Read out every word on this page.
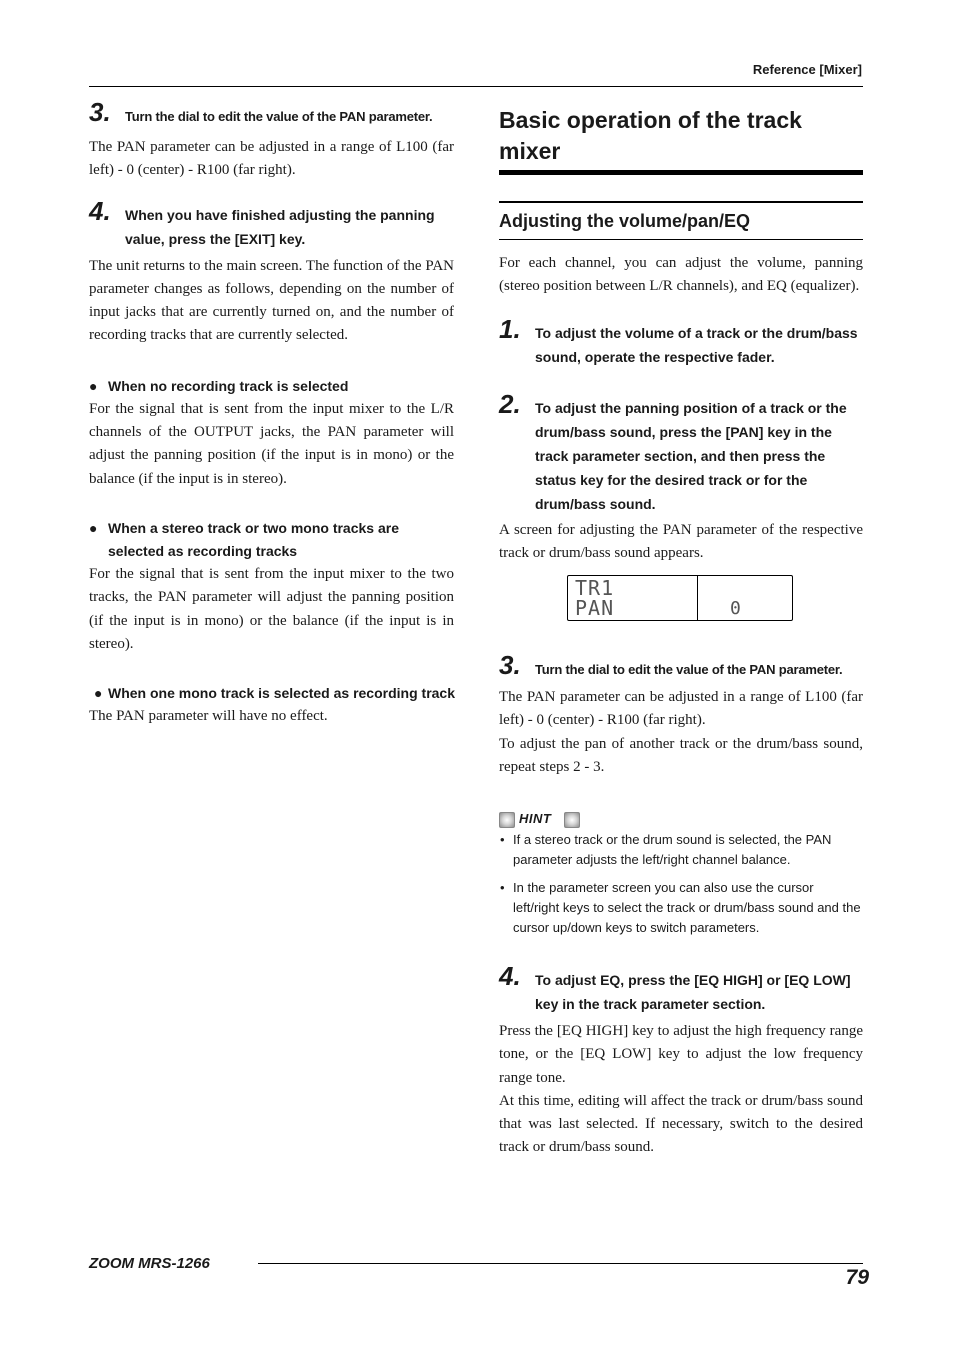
Reference [Mixer]
3. Turn the dial to edit the value of the PAN parameter.

The PAN parameter can be adjusted in a range of L100 (far left) - 0 (center) - R100 (far right).

4. When you have finished adjusting the panning value, press the [EXIT] key.

The unit returns to the main screen. The function of the PAN parameter changes as follows, depending on the number of input jacks that are currently turned on, and the number of recording tracks that are currently selected.

● When no recording track is selected

For the signal that is sent from the input mixer to the L/R channels of the OUTPUT jacks, the PAN parameter will adjust the panning position (if the input is in mono) or the balance (if the input is in stereo).

● When a stereo track or two mono tracks are selected as recording tracks

For the signal that is sent from the input mixer to the two tracks, the PAN parameter will adjust the panning position (if the input is in mono) or the balance (if the input is in stereo).

● When one mono track is selected as recording track

The PAN parameter will have no effect.

Basic operation of the track mixer
Adjusting the volume/pan/EQ

For each channel, you can adjust the volume, panning (stereo position between L/R channels), and EQ (equalizer).

1. To adjust the volume of a track or the drum/bass sound, operate the respective fader.
2. To adjust the panning position of a track or the drum/bass sound, press the [PAN] key in the track parameter section, and then press the status key for the desired track or for the drum/bass sound.

A screen for adjusting the PAN parameter of the respective track or drum/bass sound appears.

TR1
PAN	0
3. Turn the dial to edit the value of the PAN parameter.

The PAN parameter can be adjusted in a range of L100 (far left) - 0 (center) - R100 (far right).

To adjust the pan of another track or the drum/bass sound, repeat steps 2 - 3.

HINT
• If a stereo track or the drum sound is selected, the PAN parameter adjusts the left/right channel balance.
• In the parameter screen you can also use the cursor left/right keys to select the track or drum/bass sound and the cursor up/down keys to switch parameters.
4. To adjust EQ, press the [EQ HIGH] or [EQ LOW] key in the track parameter section.

Press the [EQ HIGH] key to adjust the high frequency range tone, or the [EQ LOW] key to adjust the low frequency range tone.

At this time, editing will affect the track or drum/bass sound that was last selected. If necessary, switch to the desired track or drum/bass sound.

ZOOM MRS-1266
79
